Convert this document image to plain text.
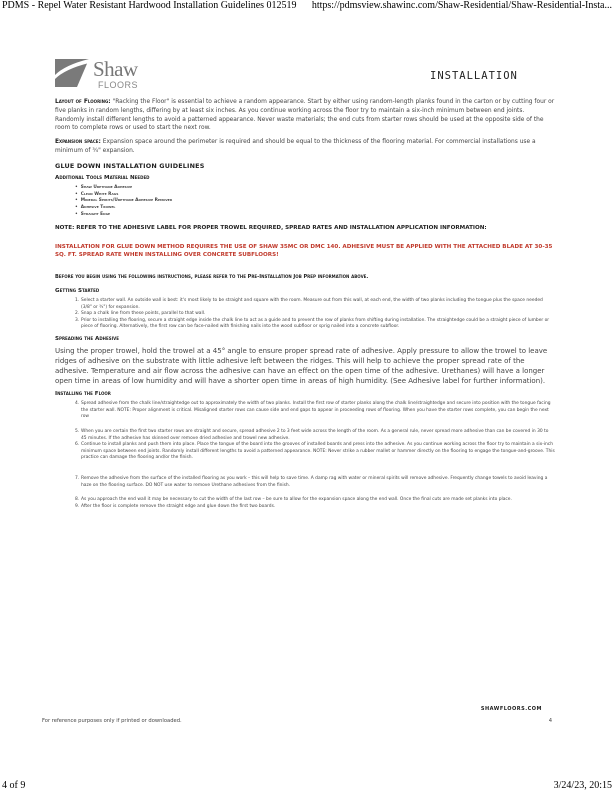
PDMS - Repel Water Resistant Hardwood Installation Guidelines 012519 https://pdmsview.shawinc.com/Shaw-Residential/Shaw-Residential-Insta...
Shaw
FLOORS
INSTALLATION

Layout of Flooring: "Racking the Floor" is essential to achieve a random appearance. Start by either using random-length planks found in the carton or by cutting four or five planks in random lengths, differing by at least six inches. As you continue working across the floor try to maintain a six-inch minimum between end joints. Randomly install different lengths to avoid a patterned appearance. Never waste materials; the end cuts from starter rows should be used at the opposite side of the room to complete rows or used to start the next row.

Expansion space: Expansion space around the perimeter is required and should be equal to the thickness of the flooring material. For commercial installations use a minimum of ¾" expansion.

GLUE DOWN INSTALLATION GUIDELINES
Additional Tools Material Needed
• Shaw Urethane Adhesive
• Clean White Rags
• Mineral Spirits/Urethane Adhesive Remover
• Adhesive Trowel
• Straight Edge
NOTE: REFER TO THE ADHESIVE LABEL FOR PROPER TROWEL REQUIRED, SPREAD RATES AND INSTALLATION APPLICATION INFORMATION:
INSTALLATION FOR GLUE DOWN METHOD REQUIRES THE USE OF SHAW 35MC OR DMC 140. ADHESIVE MUST BE APPLIED WITH THE ATTACHED BLADE AT 30-35 SQ. FT. SPREAD RATE WHEN INSTALLING OVER CONCRETE SUBFLOORS!
Before you begin using the following instructions, please refer to the Pre-Installation Job Prep information above.
Getting Started
1. Select a starter wall. An outside wall is best: it's most likely to be straight and square with the room. Measure out from this wall, at each end, the width of two planks including the tongue plus the space needed (3/8" or ¾") for expansion.
2. Snap a chalk line from these points, parallel to that wall.
3. Prior to installing the flooring, secure a straight edge inside the chalk line to act as a guide and to prevent the row of planks from shifting during installation. The straightedge could be a straight piece of lumber or piece of flooring. Alternatively, the first row can be face-nailed with finishing nails into the wood subfloor or sprig nailed into a concrete subfloor.
Spreading the Adhesive

Using the proper trowel, hold the trowel at a 45° angle to ensure proper spread rate of adhesive. Apply pressure to allow the trowel to leave ridges of adhesive on the substrate with little adhesive left between the ridges. This will help to achieve the proper spread rate of the adhesive. Temperature and air flow across the adhesive can have an effect on the open time of the adhesive. Urethanes) will have a longer open time in areas of low humidity and will have a shorter open time in areas of high humidity. (See Adhesive label for further information).

Installing the Floor
4. Spread adhesive from the chalk line/straightedge out to approximately the width of two planks. Install the first row of starter planks along the chalk line/straightedge and secure into position with the tongue facing the starter wall. NOTE: Proper alignment is critical. Misaligned starter rows can cause side and end gaps to appear in proceeding rows of flooring. When you have the starter rows complete, you can begin the next row
5. When you are certain the first two starter rows are straight and secure, spread adhesive 2 to 3 feet wide across the length of the room. As a general rule, never spread more adhesive than can be covered in 30 to 45 minutes. If the adhesive has skinned over remove dried adhesive and trowel new adhesive.
6. Continue to install planks and push them into place. Place the tongue of the board into the grooves of installed boards and press into the adhesive. As you continue working across the floor try to maintain a six-inch minimum space between end joints. Randomly install different lengths to avoid a patterned appearance. NOTE: Never strike a rubber mallet or hammer directly on the flooring to engage the tongue-and-groove. This practice can damage the flooring and/or the finish.
7. Remove the adhesive from the surface of the installed flooring as you work – this will help to save time. A damp rag with water or mineral spirits will remove adhesive. Frequently change towels to avoid leaving a haze on the flooring surface. DO NOT use water to remove Urethane adhesives from the finish.
8. As you approach the end wall it may be necessary to cut the width of the last row – be sure to allow for the expansion space along the end wall. Once the final cuts are made set planks into place.
9. After the floor is complete remove the straight edge and glue down the first two boards.
SHAWFLOORS.COM
For reference purposes only if printed or downloaded.	4
4 of 9	3/24/23, 20:15
